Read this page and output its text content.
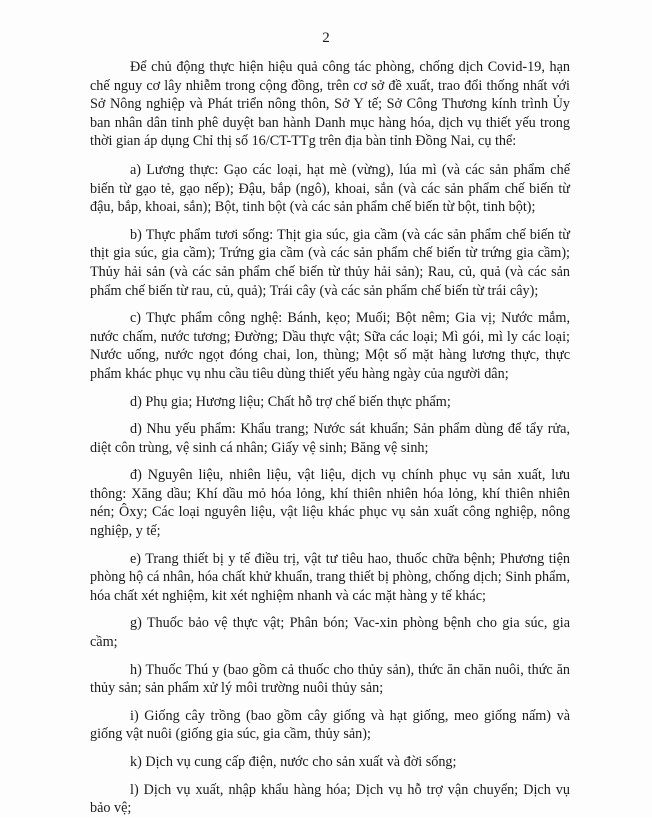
2

Để chủ động thực hiện hiệu quả công tác phòng, chống dịch Covid-19, hạn chế nguy cơ lây nhiễm trong cộng đồng, trên cơ sở đề xuất, trao đổi thống nhất với Sở Nông nghiệp và Phát triển nông thôn, Sở Y tế; Sở Công Thương kính trình Ủy ban nhân dân tỉnh phê duyệt ban hành Danh mục hàng hóa, dịch vụ thiết yếu trong thời gian áp dụng Chỉ thị số 16/CT-TTg trên địa bàn tỉnh Đồng Nai, cụ thể:

a) Lương thực: Gạo các loại, hạt mè (vừng), lúa mì (và các sản phẩm chế biến từ gạo tẻ, gạo nếp); Đậu, bắp (ngô), khoai, sắn (và các sản phẩm chế biến từ đậu, bắp, khoai, sắn); Bột, tinh bột (và các sản phẩm chế biến từ bột, tinh bột);

b) Thực phẩm tươi sống: Thịt gia súc, gia cầm (và các sản phẩm chế biến từ thịt gia súc, gia cầm); Trứng gia cầm (và các sản phẩm chế biến từ trứng gia cầm); Thủy hải sản (và các sản phẩm chế biến từ thủy hải sản); Rau, củ, quả (và các sản phẩm chế biến từ rau, củ, quả); Trái cây (và các sản phẩm chế biến từ trái cây);

c) Thực phẩm công nghệ: Bánh, kẹo; Muối; Bột nêm; Gia vị; Nước mắm, nước chấm, nước tương; Đường; Dầu thực vật; Sữa các loại; Mì gói, mì ly các loại; Nước uống, nước ngọt đóng chai, lon, thùng; Một số mặt hàng lương thực, thực phẩm khác phục vụ nhu cầu tiêu dùng thiết yếu hàng ngày của người dân;

d) Phụ gia; Hương liệu; Chất hỗ trợ chế biến thực phẩm;

d) Nhu yếu phẩm: Khẩu trang; Nước sát khuẩn; Sản phẩm dùng để tẩy rửa, diệt côn trùng, vệ sinh cá nhân; Giấy vệ sinh; Băng vệ sinh;

đ) Nguyên liệu, nhiên liệu, vật liệu, dịch vụ chính phục vụ sản xuất, lưu thông: Xăng dầu; Khí dầu mỏ hóa lỏng, khí thiên nhiên hóa lỏng, khí thiên nhiên nén; Ôxy; Các loại nguyên liệu, vật liệu khác phục vụ sản xuất công nghiệp, nông nghiệp, y tế;

e) Trang thiết bị y tế điều trị, vật tư tiêu hao, thuốc chữa bệnh; Phương tiện phòng hộ cá nhân, hóa chất khử khuẩn, trang thiết bị phòng, chống dịch; Sinh phẩm, hóa chất xét nghiệm, kit xét nghiệm nhanh và các mặt hàng y tế khác;

g) Thuốc bảo vệ thực vật; Phân bón; Vac-xin phòng bệnh cho gia súc, gia cầm;

h) Thuốc Thú y (bao gồm cả thuốc cho thủy sản), thức ăn chăn nuôi, thức ăn thủy sản; sản phẩm xử lý môi trường nuôi thủy sản;

i) Giống cây trồng (bao gồm cây giống và hạt giống, meo giống nấm) và giống vật nuôi (giống gia súc, gia cầm, thủy sản);

k) Dịch vụ cung cấp điện, nước cho sản xuất và đời sống;

l) Dịch vụ xuất, nhập khẩu hàng hóa; Dịch vụ hỗ trợ vận chuyển; Dịch vụ bảo vệ;
